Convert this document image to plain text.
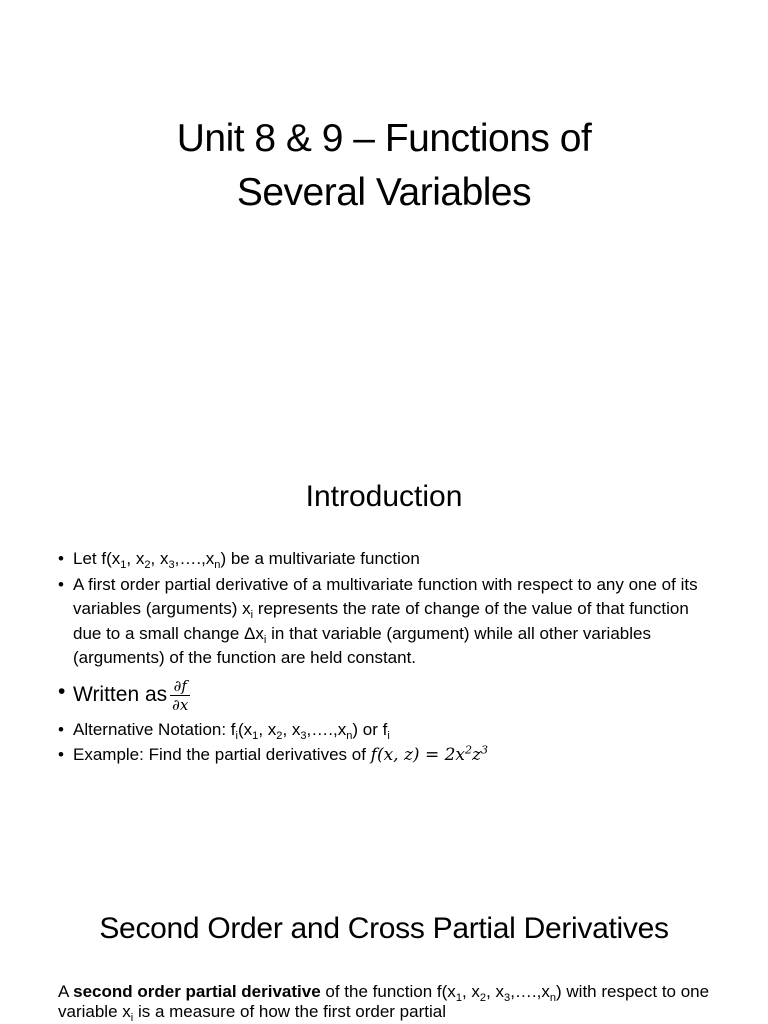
Unit 8 & 9 – Functions of
Several Variables
Introduction
• Let $f(x_1$, $x_2$, $x_3,\dots.,x_n$) be a multivariate function
• A first order partial derivative of a multivariate function with respect to any one of its variables (arguments) $x_i$ represents the rate of change of the value of that function due to a small change $\Delta x_i$ in that variable (argument) while all other variables (arguments) of the function are held constant.
• Written as $\frac{\partial f}{\partial x}$
• Alternative Notation: $f_i(x_1$, $x_2$, $x_3,\dots.,x_n$) or $f_i$
• Example: Find the partial derivatives of f(x, $z) = 2x^2z^3$
Second Order and Cross Partial Derivatives

A second order partial derivative of the function $f(x_1$, $x_2$, $x_3,\dots.,x_n$) with respect to one variable $x_i$ is a measure of how the first order partial
